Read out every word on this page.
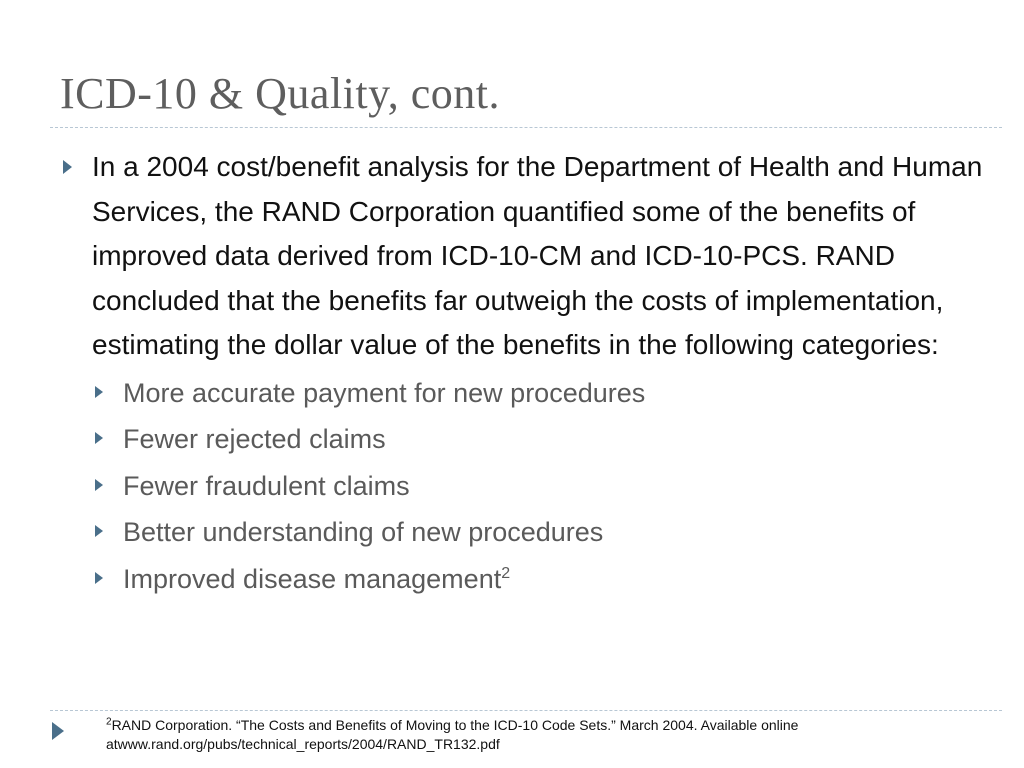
ICD-10 & Quality, cont.
In a 2004 cost/benefit analysis for the Department of Health and Human Services, the RAND Corporation quantified some of the benefits of improved data derived from ICD-10-CM and ICD-10-PCS. RAND concluded that the benefits far outweigh the costs of implementation, estimating the dollar value of the benefits in the following categories:
More accurate payment for new procedures
Fewer rejected claims
Fewer fraudulent claims
Better understanding of new procedures
Improved disease management$^2$
$^2$RAND Corporation. “The Costs and Benefits of Moving to the ICD-10 Code Sets.” March 2004. Available online
atwww.rand.org/pubs/technical_reports/2004/RAND_TR132.pdf
